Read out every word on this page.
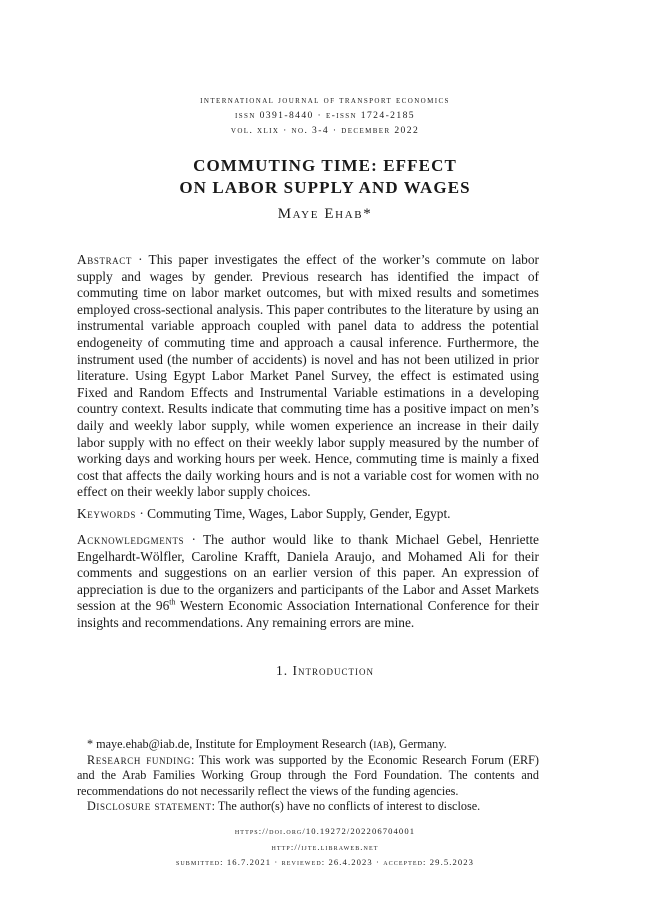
international journal of transport economics
issn 0391-8440 · e-issn 1724-2185
vol. xlix · no. 3-4 · december 2022
COMMUTING TIME: EFFECT
ON LABOR SUPPLY AND WAGES
Maye Ehab*
Abstract · This paper investigates the effect of the worker’s commute on labor supply and wages by gender. Previous research has identified the impact of commuting time on labor market outcomes, but with mixed results and sometimes employed cross-sectional analysis. This paper contributes to the literature by using an instrumental variable approach coupled with panel data to address the potential endogeneity of commuting time and approach a causal inference. Furthermore, the instrument used (the number of accidents) is novel and has not been utilized in prior literature. Using Egypt Labor Market Panel Survey, the effect is estimated using Fixed and Random Effects and Instrumental Variable estimations in a developing country context. Results indicate that commuting time has a positive impact on men’s daily and weekly labor supply, while women experience an increase in their daily labor supply with no effect on their weekly labor supply measured by the number of working days and working hours per week. Hence, commuting time is mainly a fixed cost that affects the daily working hours and is not a variable cost for women with no effect on their weekly labor supply choices.
Keywords · Commuting Time, Wages, Labor Supply, Gender, Egypt.
Acknowledgments · The author would like to thank Michael Gebel, Henriette Engelhardt-Wölfler, Caroline Krafft, Daniela Araujo, and Mohamed Ali for their comments and suggestions on an earlier version of this paper. An expression of appreciation is due to the organizers and participants of the Labor and Asset Markets session at the 96th Western Economic Association International Conference for their insights and recommendations. Any remaining errors are mine.
1. Introduction
* maye.ehab@iab.de, Institute for Employment Research (iab), Germany.
Research funding: This work was supported by the Economic Research Forum (ERF) and the Arab Families Working Group through the Ford Foundation. The contents and recommendations do not necessarily reflect the views of the funding agencies.
Disclosure statement: The author(s) have no conflicts of interest to disclose.
https://doi.org/10.19272/202206704001
http://ijte.libraweb.net
submitted: 16.7.2021 · reviewed: 26.4.2023 · accepted: 29.5.2023
